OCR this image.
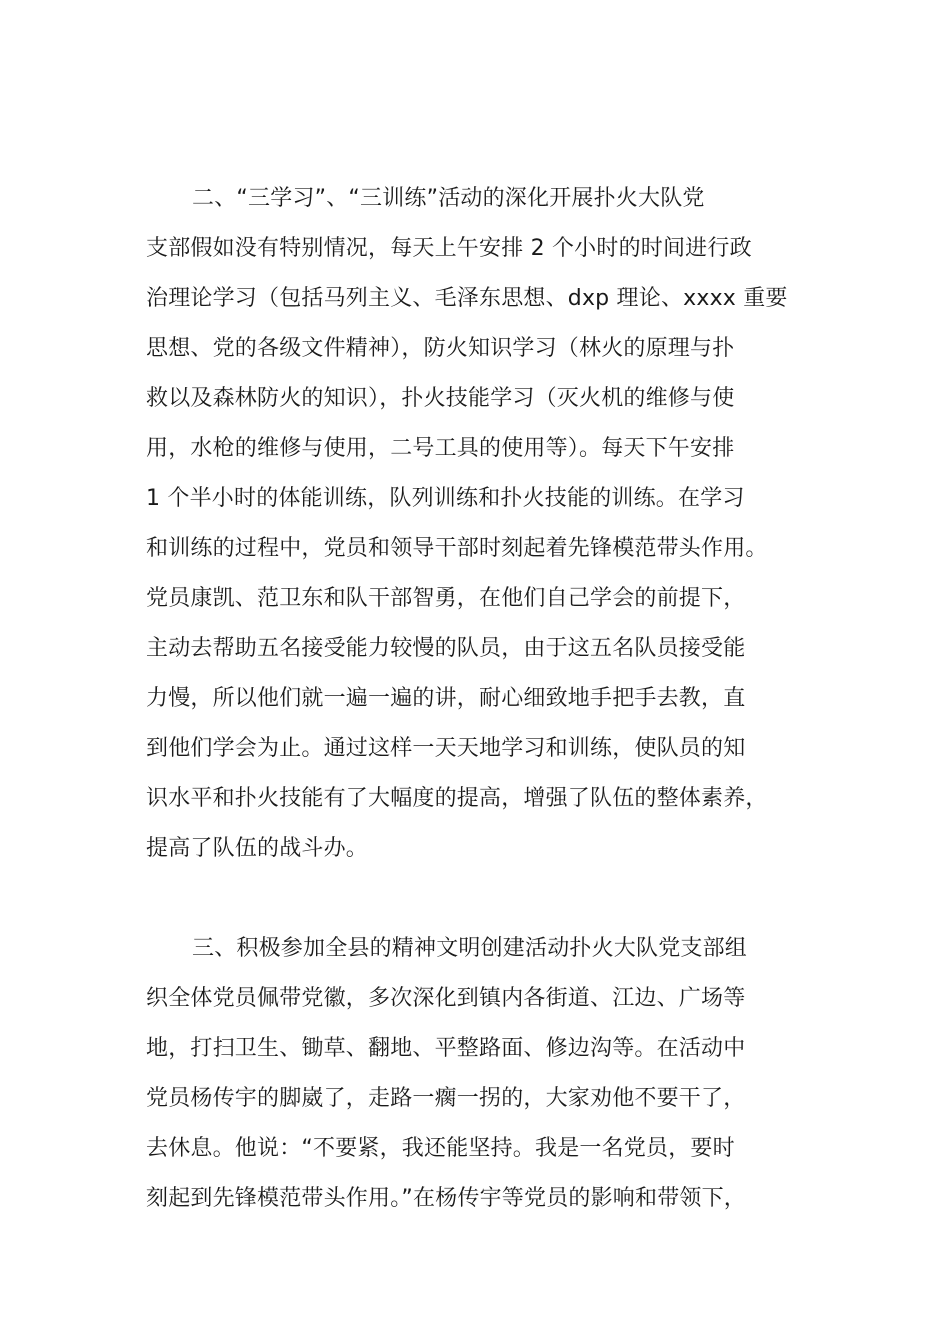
二、“三学习”、“三训练”活动的深化开展扑火大队党
支部假如没有特别情况，每天上午安排 2 个小时的时间进行政
治理论学习（包括马列主义、毛泽东思想、dxp 理论、xxxx 重要
思想、党的各级文件精神），防火知识学习（林火的原理与扑
救以及森林防火的知识），扑火技能学习（灭火机的维修与使
用，水枪的维修与使用，二号工具的使用等）。每天下午安排
1 个半小时的体能训练，队列训练和扑火技能的训练。在学习
和训练的过程中，党员和领导干部时刻起着先锋模范带头作用。
党员康凯、范卫东和队干部智勇，在他们自己学会的前提下，
主动去帮助五名接受能力较慢的队员，由于这五名队员接受能
力慢，所以他们就一遍一遍的讲，耐心细致地手把手去教，直
到他们学会为止。通过这样一天天地学习和训练，使队员的知
识水平和扑火技能有了大幅度的提高，增强了队伍的整体素养，
提高了队伍的战斗办。
三、积极参加全县的精神文明创建活动扑火大队党支部组
织全体党员佩带党徽，多次深化到镇内各街道、江边、广场等
地，打扫卫生、锄草、翻地、平整路面、修边沟等。在活动中
党员杨传宇的脚崴了，走路一瘸一拐的，大家劝他不要干了，
去休息。他说：“不要紧，我还能坚持。我是一名党员，要时
刻起到先锋模范带头作用。”在杨传宇等党员的影响和带领下，
